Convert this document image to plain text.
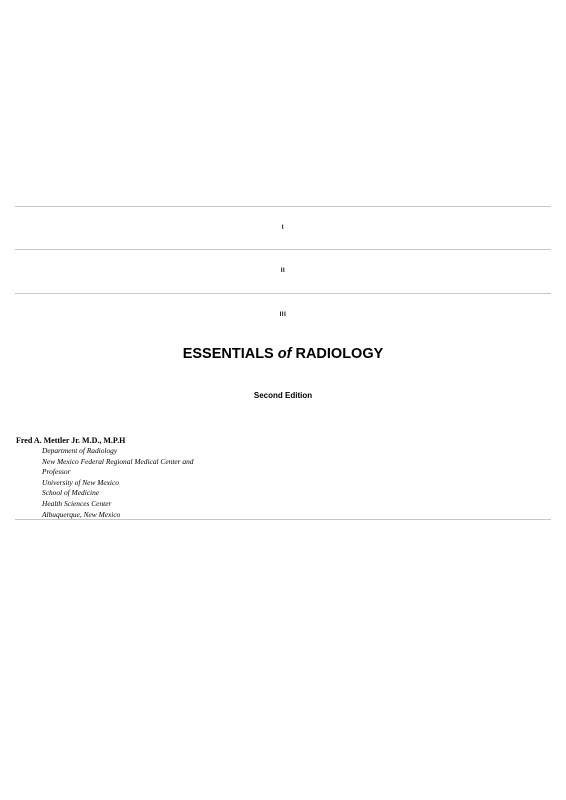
I
II
III
ESSENTIALS of RADIOLOGY
Second Edition
Fred A. Mettler Jr. M.D., M.P.H
Department of Radiology
New Mexico Federal Regional Medical Center and
Professor
University of New Mexico
School of Medicine
Health Sciences Center
Albuquerque, New Mexico
